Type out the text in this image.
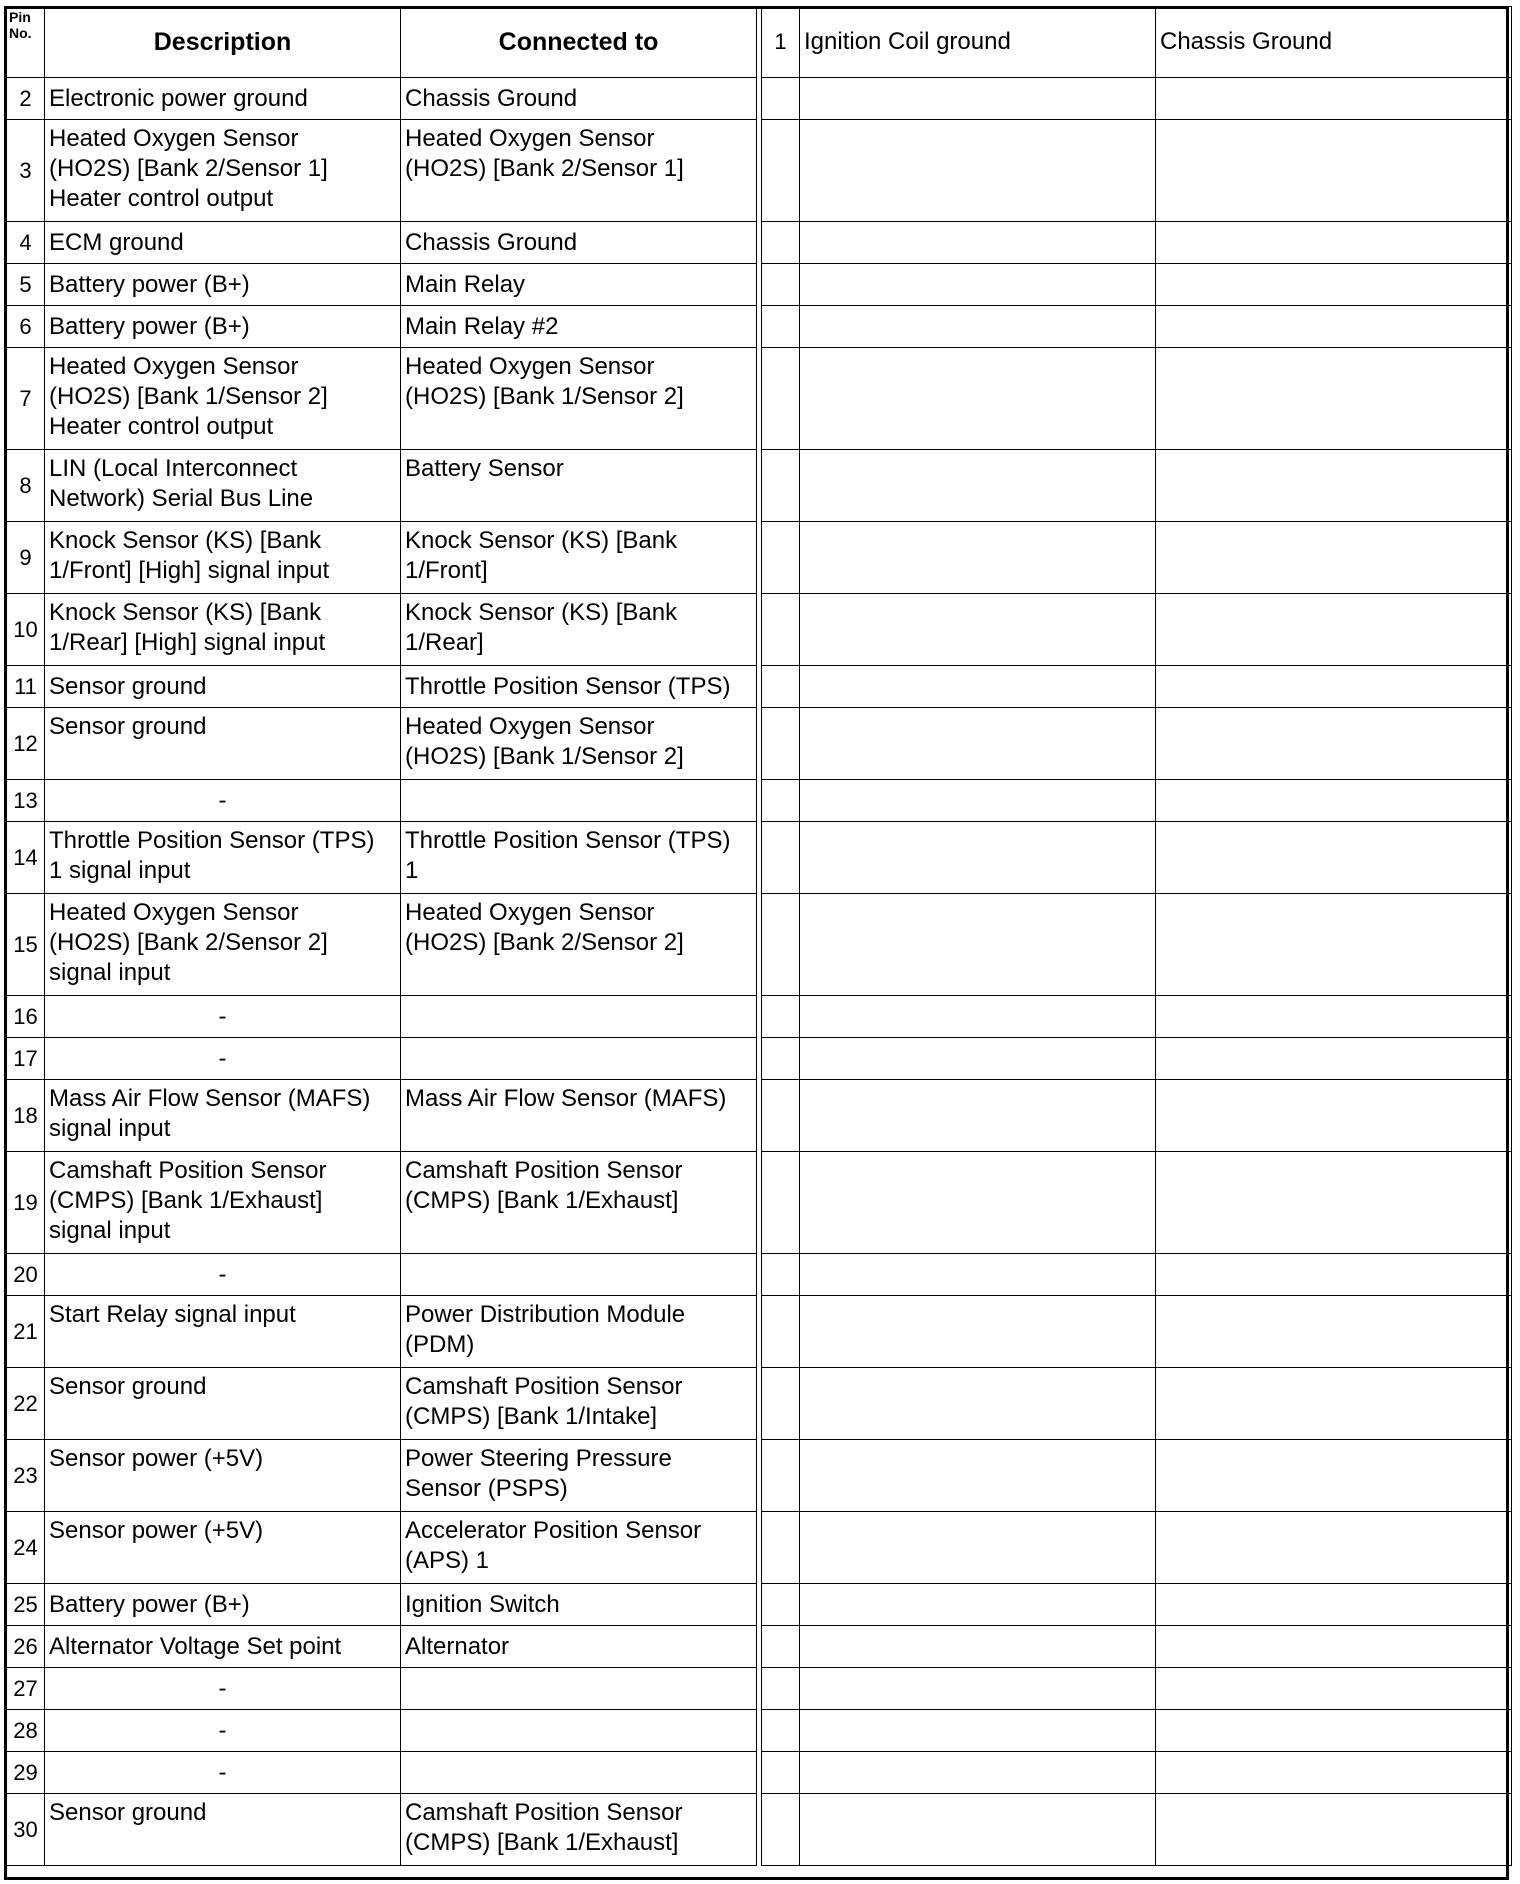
Pin
No.	Description	Connected to		1	Ignition Coil ground	Chassis Ground
2	Electronic power ground	Chassis Ground				
3	Heated Oxygen Sensor
(HO2S) [Bank 2/Sensor 1]
Heater control output	Heated Oxygen Sensor
(HO2S) [Bank 2/Sensor 1]				
4	ECM ground	Chassis Ground				
5	Battery power (B+)	Main Relay				
6	Battery power (B+)	Main Relay #2				
7	Heated Oxygen Sensor
(HO2S) [Bank 1/Sensor 2]
Heater control output	Heated Oxygen Sensor
(HO2S) [Bank 1/Sensor 2]				
8	LIN (Local Interconnect
Network) Serial Bus Line	Battery Sensor				
9	Knock Sensor (KS) [Bank
1/Front] [High] signal input	Knock Sensor (KS) [Bank
1/Front]				
10	Knock Sensor (KS) [Bank
1/Rear] [High] signal input	Knock Sensor (KS) [Bank
1/Rear]				
11	Sensor ground	Throttle Position Sensor (TPS)				
12	Sensor ground	Heated Oxygen Sensor
(HO2S) [Bank 1/Sensor 2]				
13	-					
14	Throttle Position Sensor (TPS)
1 signal input	Throttle Position Sensor (TPS)
1				
15	Heated Oxygen Sensor
(HO2S) [Bank 2/Sensor 2]
signal input	Heated Oxygen Sensor
(HO2S) [Bank 2/Sensor 2]				
16	-					
17	-					
18	Mass Air Flow Sensor (MAFS)
signal input	Mass Air Flow Sensor (MAFS)				
19	Camshaft Position Sensor
(CMPS) [Bank 1/Exhaust]
signal input	Camshaft Position Sensor
(CMPS) [Bank 1/Exhaust]				
20	-					
21	Start Relay signal input	Power Distribution Module
(PDM)				
22	Sensor ground	Camshaft Position Sensor
(CMPS) [Bank 1/Intake]				
23	Sensor power (+5V)	Power Steering Pressure
Sensor (PSPS)				
24	Sensor power (+5V)	Accelerator Position Sensor
(APS) 1				
25	Battery power (B+)	Ignition Switch				
26	Alternator Voltage Set point	Alternator				
27	-					
28	-					
29	-					
30	Sensor ground	Camshaft Position Sensor
(CMPS) [Bank 1/Exhaust]				
